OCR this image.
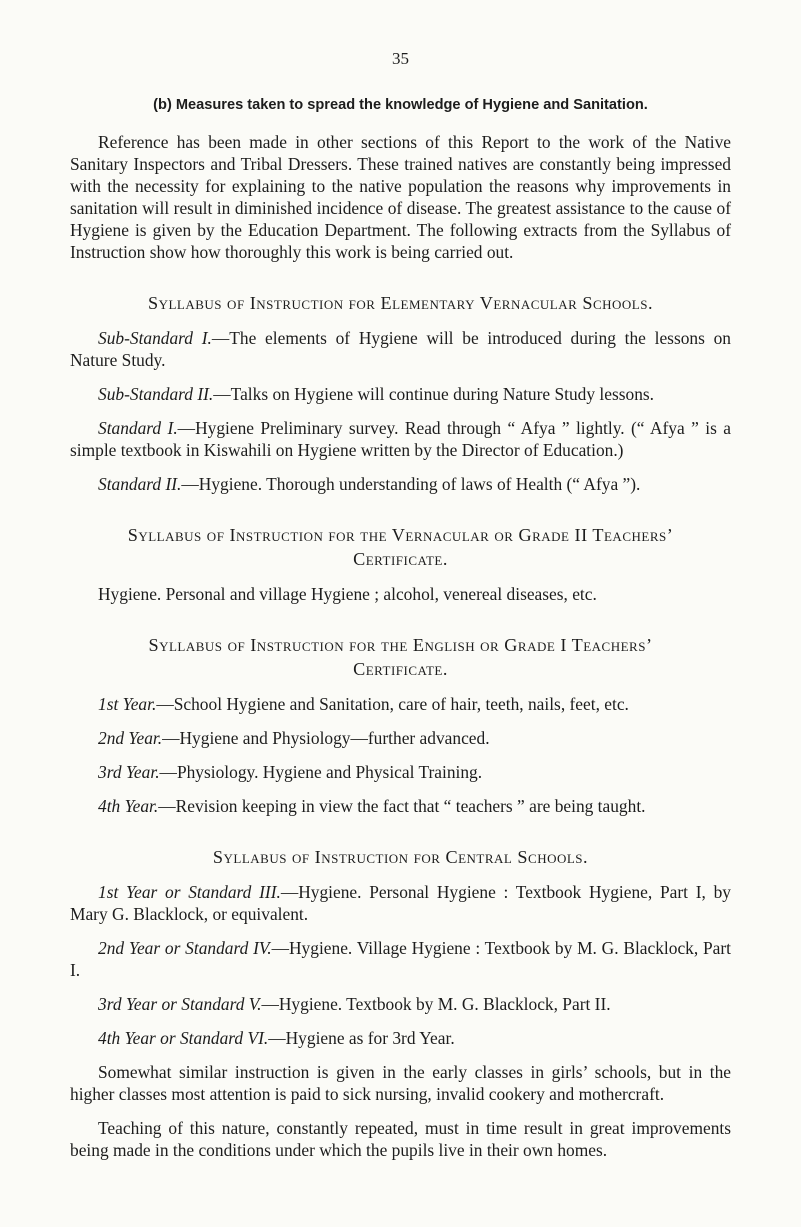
35
(b) Measures taken to spread the knowledge of Hygiene and Sanitation.

Reference has been made in other sections of this Report to the work of the Native Sanitary Inspectors and Tribal Dressers. These trained natives are constantly being impressed with the necessity for explaining to the native population the reasons why improvements in sanitation will result in diminished incidence of disease. The greatest assistance to the cause of Hygiene is given by the Education Department. The following extracts from the Syllabus of Instruction show how thoroughly this work is being carried out.

Syllabus of Instruction for Elementary Vernacular Schools.

Sub-Standard I.—The elements of Hygiene will be introduced during the lessons on Nature Study.

Sub-Standard II.—Talks on Hygiene will continue during Nature Study lessons.

Standard I.—Hygiene Preliminary survey. Read through “ Afya ” lightly. (“ Afya ” is a simple textbook in Kiswahili on Hygiene written by the Director of Education.)

Standard II.—Hygiene. Thorough understanding of laws of Health (“ Afya ”).

Syllabus of Instruction for the Vernacular or Grade II Teachers’
Certificate.

Hygiene. Personal and village Hygiene ; alcohol, venereal diseases, etc.

Syllabus of Instruction for the English or Grade I Teachers’
Certificate.

1st Year.—School Hygiene and Sanitation, care of hair, teeth, nails, feet, etc.

2nd Year.—Hygiene and Physiology—further advanced.

3rd Year.—Physiology. Hygiene and Physical Training.

4th Year.—Revision keeping in view the fact that “ teachers ” are being taught.

Syllabus of Instruction for Central Schools.

1st Year or Standard III.—Hygiene. Personal Hygiene : Textbook Hygiene, Part I, by Mary G. Blacklock, or equivalent.

2nd Year or Standard IV.—Hygiene. Village Hygiene : Textbook by M. G. Blacklock, Part I.

3rd Year or Standard V.—Hygiene. Textbook by M. G. Blacklock, Part II.

4th Year or Standard VI.—Hygiene as for 3rd Year.

Somewhat similar instruction is given in the early classes in girls’ schools, but in the higher classes most attention is paid to sick nursing, invalid cookery and mothercraft.

Teaching of this nature, constantly repeated, must in time result in great improvements being made in the conditions under which the pupils live in their own homes.
